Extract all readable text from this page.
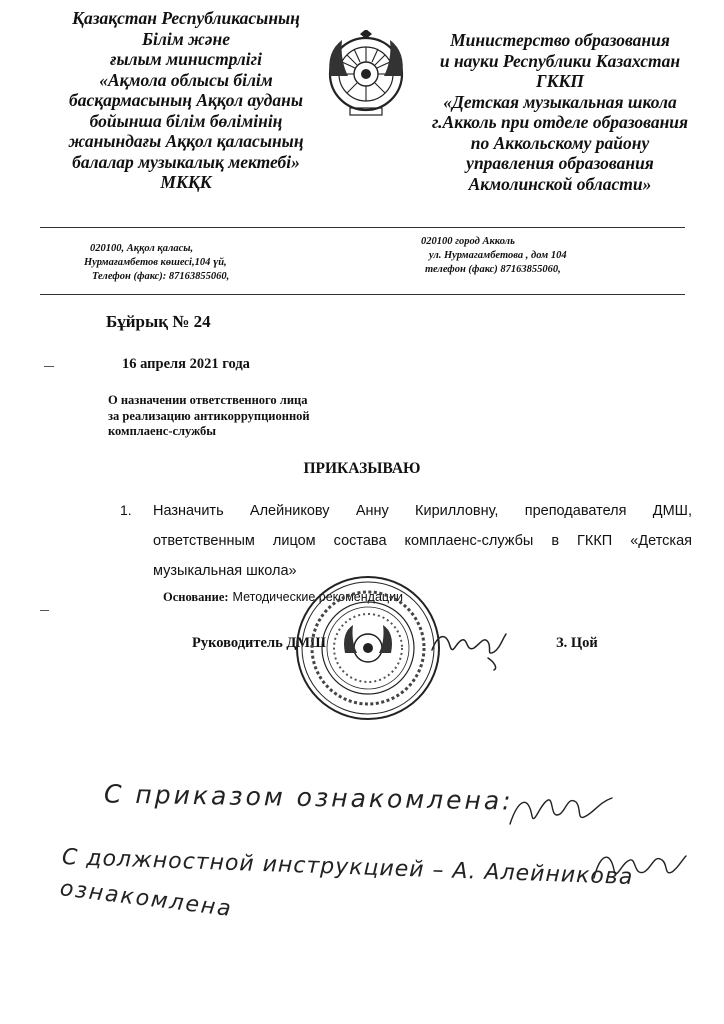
Қазақстан Республикасының
Білім және
ғылым министрлігі
«Ақмола облысы білім
басқармасының Аққол ауданы
бойынша білім бөлімінің
жанындағы Аққол қаласының
балалар музыкалық мектебі»
МКҚК
Министерство образования
и науки Республики Казахстан
ГККП
«Детская музыкальная школа
г.Акколь при отделе образования
по Аккольскому району
управления образования
Акмолинской области»
020100, Аққол қаласы,
Нурмағамбетов көшесі,104 үй,
Телефон (факс): 87163855060,
020100 город Акколь
ул. Нурмагамбетова , дом 104
телефон (факс) 87163855060,
Бұйрық № 24
16 апреля 2021 года
О назначении ответственного лица
за реализацию антикоррупционной
комплаенс-службы
ПРИКАЗЫВАЮ
1. Назначить Алейникову Анну Кирилловну, преподавателя ДМШ,
ответственным лицом состава комплаенс-службы в ГККП «Детская
музыкальная школа»
Основание: Методические рекомендации
Руководитель ДМШ	З. Цой
С приказом ознакомлена:
С должностной инструкцией – А. Алейникова
ознакомлена
